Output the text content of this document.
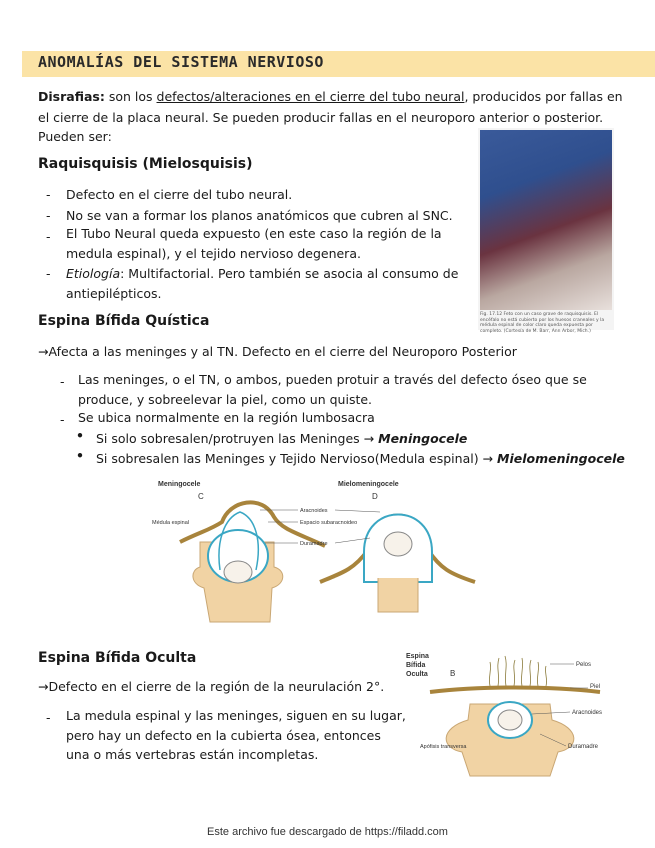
ANOMALÍAS DEL SISTEMA NERVIOSO
Disrafias: son los defectos/alteraciones en el cierre del tubo neural, producidos por fallas en
el cierre de la placa neural. Se pueden producir fallas en el neuroporo anterior o posterior.
Pueden ser:
Raquisquisis (Mielosquisis)
- Defecto en el cierre del tubo neural.
- No se van a formar los planos anatómicos que cubren al SNC.
- El Tubo Neural queda expuesto (en este caso la región de la
medula espinal), y el tejido nervioso degenera.
- Etiología: Multifactorial. Pero también se asocia al consumo de
antiepilépticos.
Fig. 17.12 Feto con un caso grave de raquisquisis. El encéfalo no está cubierto por los huesos craneales y la médula espinal de color claro queda expuesta por completo. (Cortesía de M. Barr, Ann Arbor, Mich.)
Espina Bífida Quística
→Afecta a las meninges y al TN. Defecto en el cierre del Neuroporo Posterior
- Las meninges, o el TN, o ambos, pueden protuir a través del defecto óseo que se
produce, y sobreelevar la piel, como un quiste.
- Se ubica normalmente en la región lumbosacra
• Si solo sobresalen/protruyen las Meninges → Meningocele
• Si sobresalen las Meninges y Tejido Nervioso(Medula espinal) → Mielomeningocele
Meningocele
C
Mielomeningocele
D
Médula espinal
Aracnoides
Espacio subaracnoideo
Duramadre
Espina Bífida Oculta
→Defecto en el cierre de la región de la neurulación 2°.
- La medula espinal y las meninges, siguen en su lugar,
pero hay un defecto en la cubierta ósea, entonces
una o más vertebras están incompletas.
Espina
Bífida
Oculta	B
Pelos
Piel
Aracnoides
Apófisis transversa	Duramadre
Este archivo fue descargado de https://filadd.com
